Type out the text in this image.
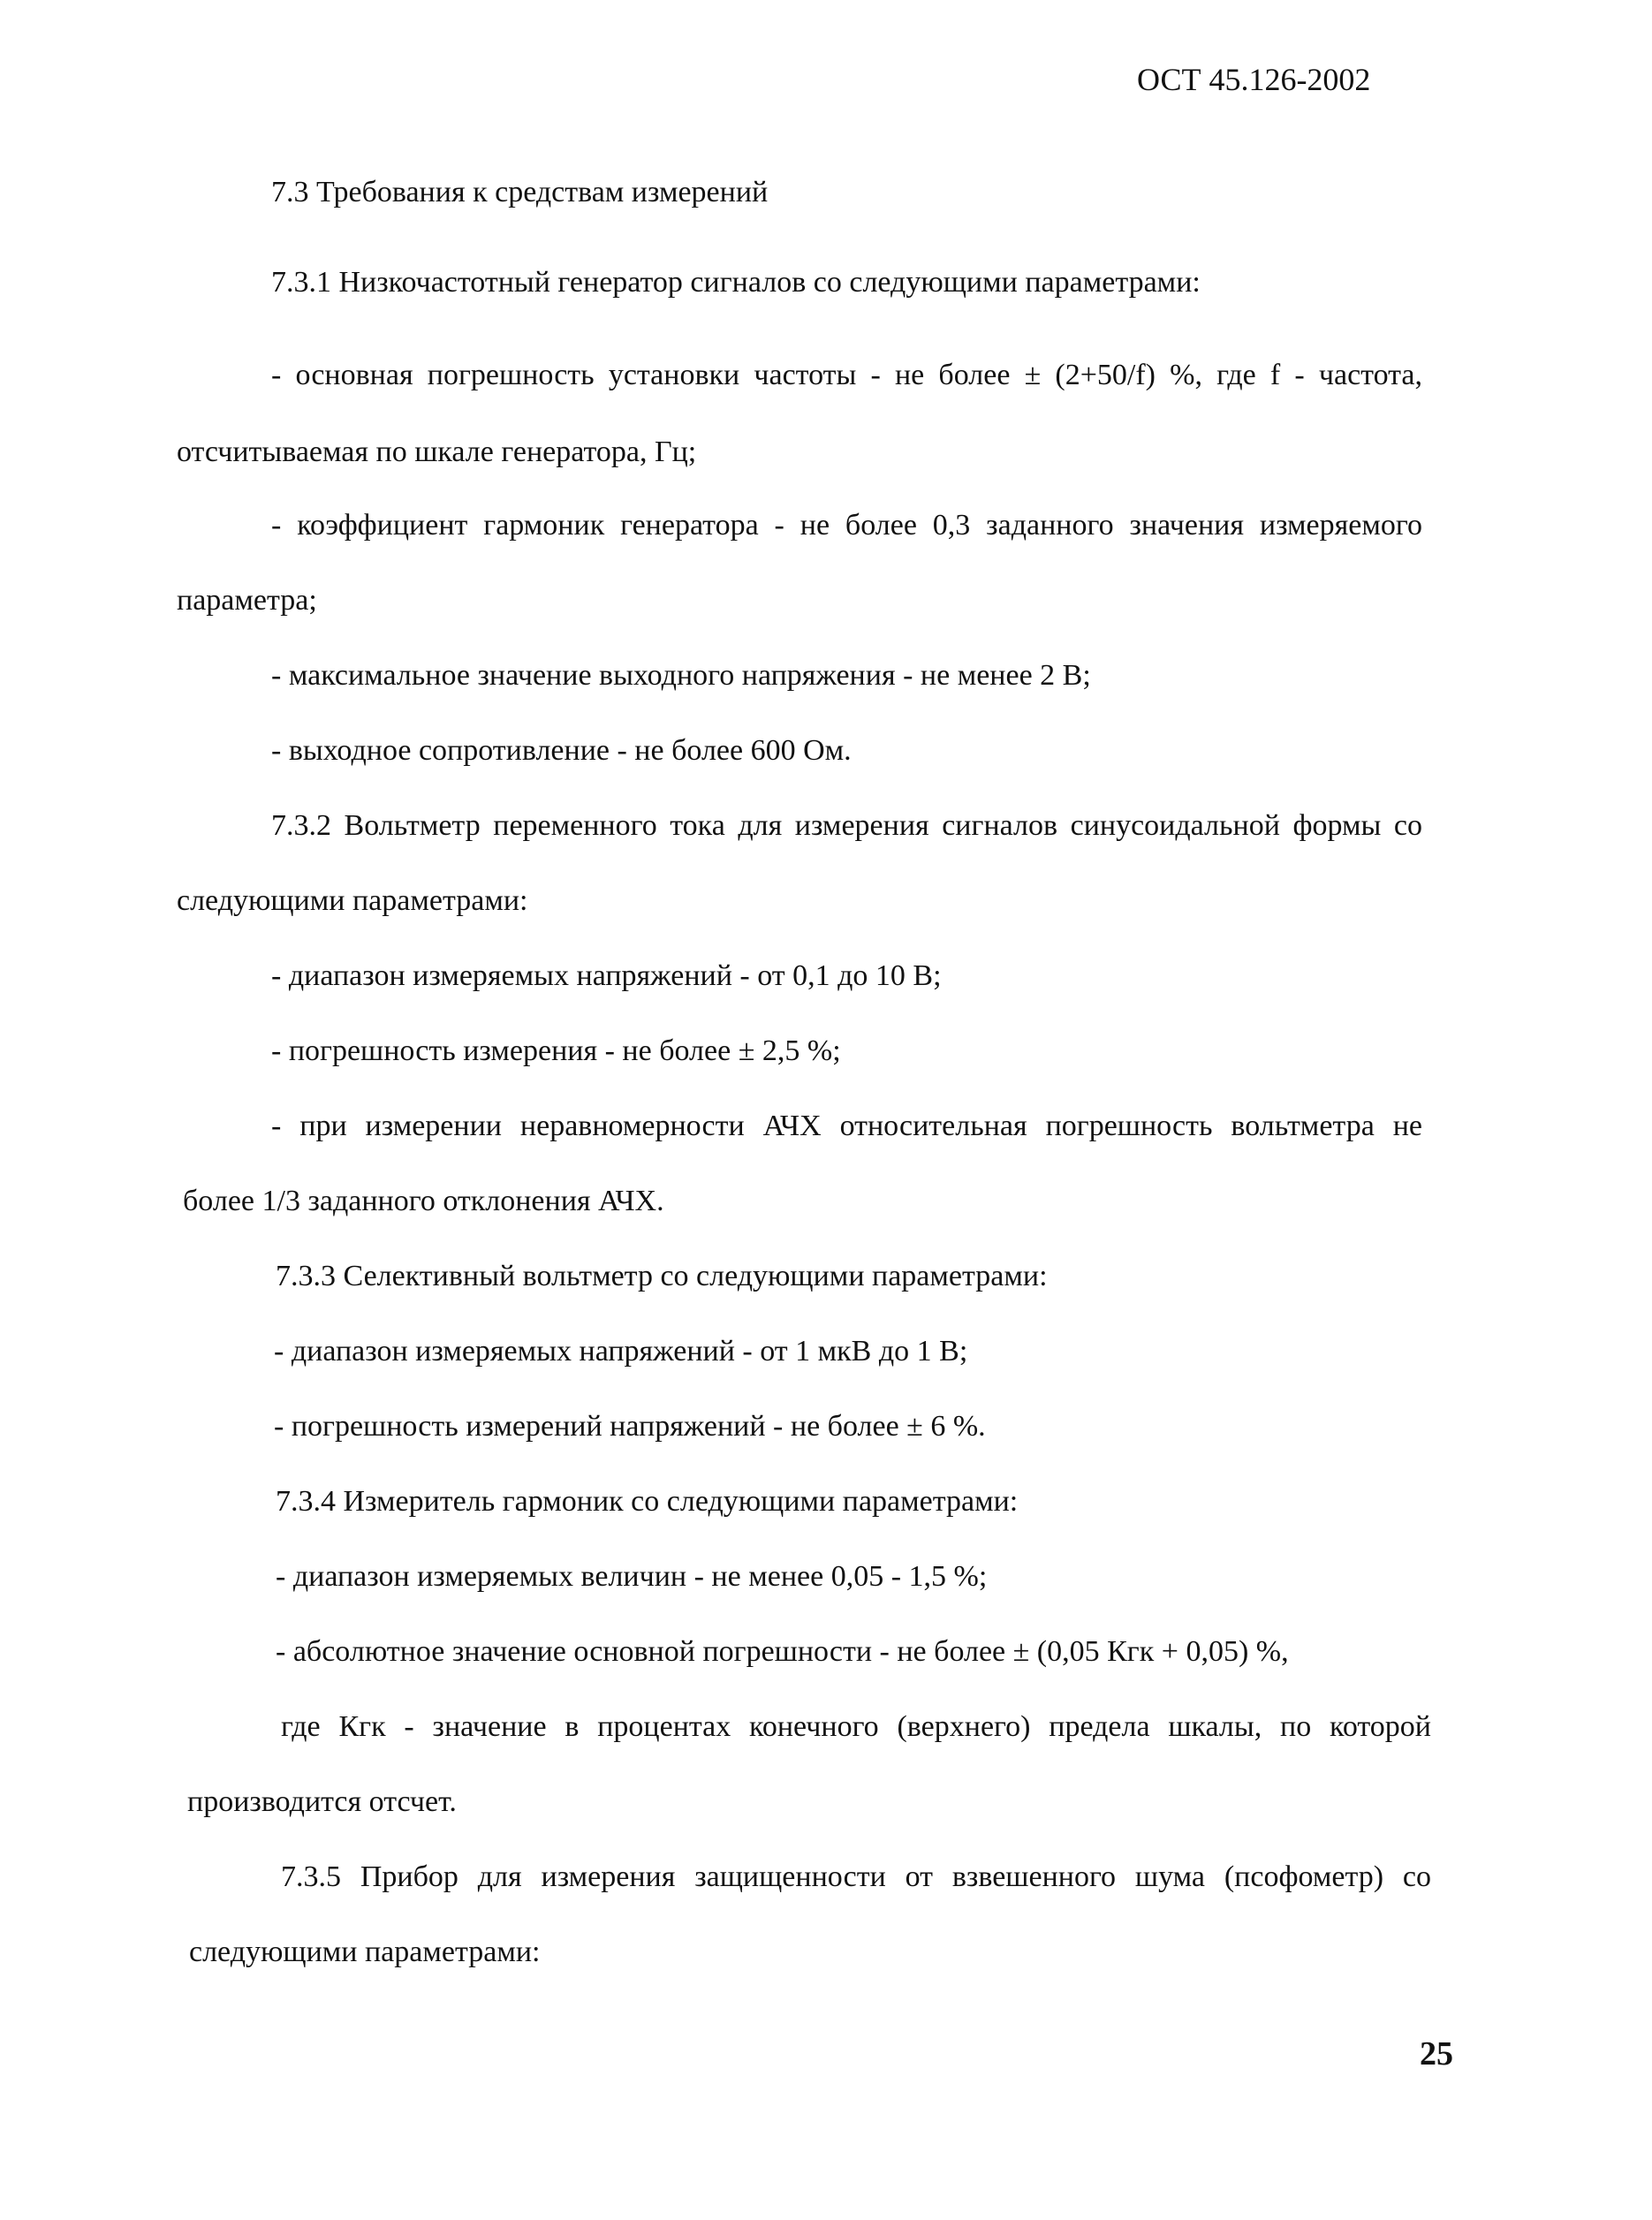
ОСТ 45.126-2002
7.3 Требования к средствам измерений
7.3.1 Низкочастотный генератор сигналов со следующими параметрами:
- основная погрешность установки частоты - не более ± (2+50/f) %, где f - частота,
отсчитываемая по шкале генератора, Гц;
- коэффициент гармоник генератора - не более 0,3 заданного значения измеряемого
параметра;
- максимальное значение выходного напряжения - не менее 2 В;
- выходное сопротивление - не более 600 Ом.
7.3.2 Вольтметр переменного тока для измерения сигналов синусоидальной формы со
следующими параметрами:
- диапазон измеряемых напряжений - от 0,1 до 10 В;
- погрешность измерения - не более ± 2,5 %;
- при измерении неравномерности АЧХ относительная погрешность вольтметра не
более 1/3 заданного отклонения АЧХ.
7.3.3 Селективный вольтметр со следующими параметрами:
- диапазон измеряемых напряжений - от 1 мкВ до 1 В;
- погрешность измерений напряжений - не более ± 6 %.
7.3.4 Измеритель гармоник со следующими параметрами:
- диапазон измеряемых величин - не менее 0,05 - 1,5 %;
- абсолютное значение основной погрешности - не более ± (0,05 Кгк + 0,05) %,
где Кгк - значение в процентах конечного (верхнего) предела шкалы, по которой
производится отсчет.
7.3.5 Прибор для измерения защищенности от взвешенного шума (псофометр) со
следующими параметрами:
25
